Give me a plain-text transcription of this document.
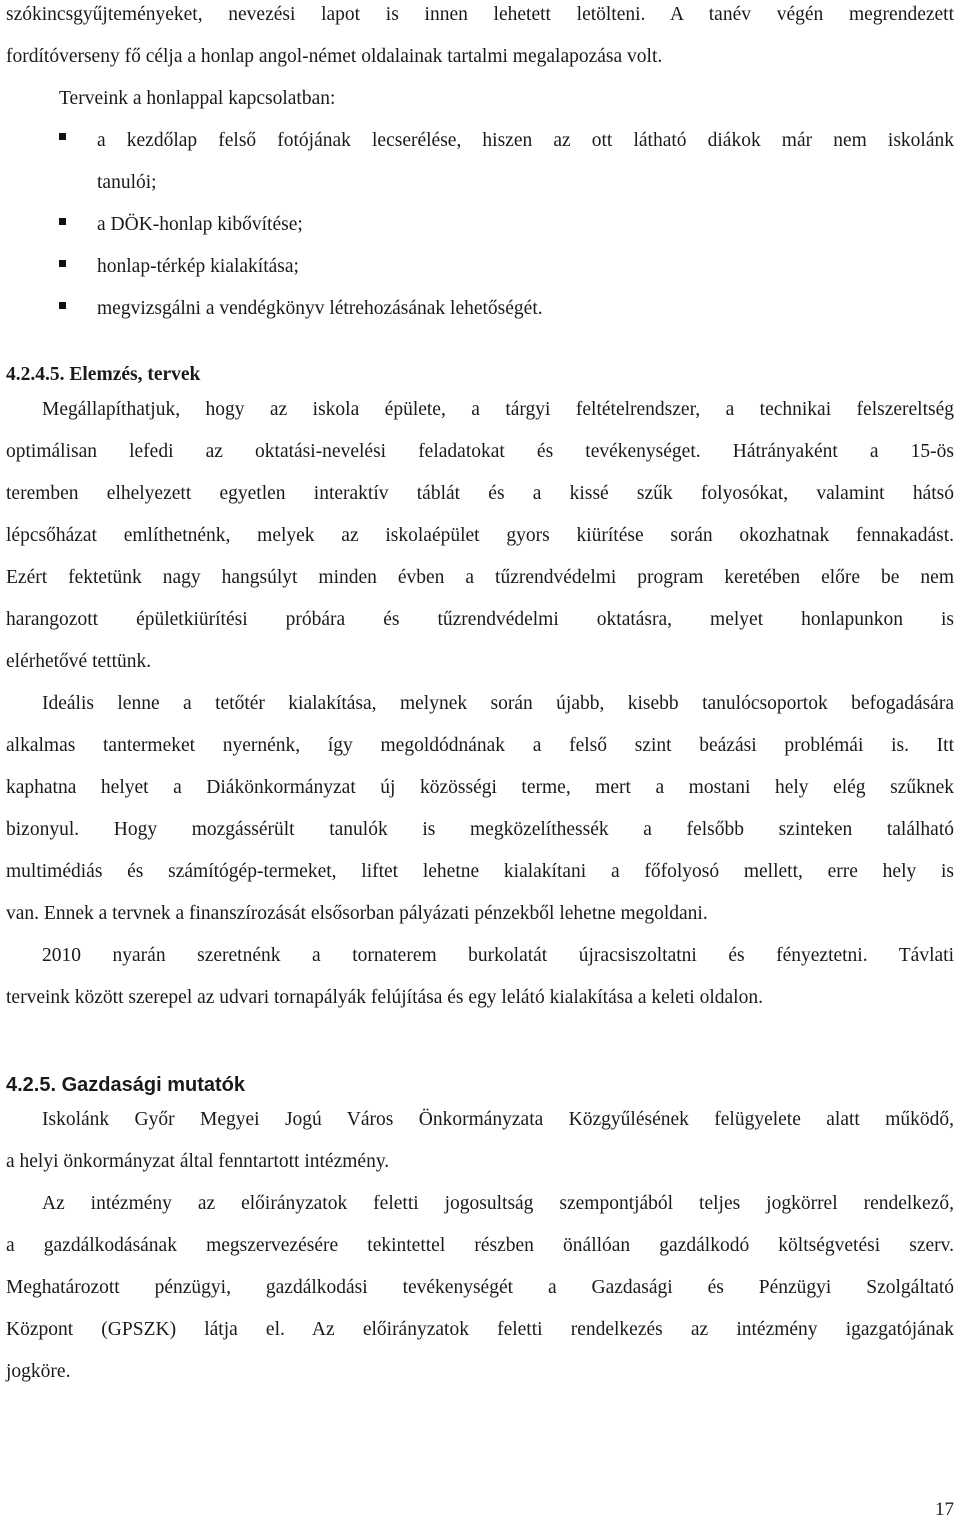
szókincsgyűjteményeket, nevezési lapot is innen lehetett letölteni. A tanév végén megrendezett
fordítóverseny fő célja a honlap angol-német oldalainak tartalmi megalapozása volt.
Terveink a honlappal kapcsolatban:
a kezdőlap felső fotójának lecserélése, hiszen az ott látható diákok már nem iskolánk
tanulói;
a DÖK-honlap kibővítése;
honlap-térkép kialakítása;
megvizsgálni a vendégkönyv létrehozásának lehetőségét.
4.2.4.5. Elemzés, tervek
Megállapíthatjuk, hogy az iskola épülete, a tárgyi feltételrendszer, a technikai felszereltség
optimálisan lefedi az oktatási-nevelési feladatokat és tevékenységet. Hátrányaként a 15-ös
teremben elhelyezett egyetlen interaktív táblát és a kissé szűk folyosókat, valamint hátsó
lépcsőházat említhetnénk, melyek az iskolaépület gyors kiürítése során okozhatnak fennakadást.
Ezért fektetünk nagy hangsúlyt minden évben a tűzrendvédelmi program keretében előre be nem
harangozott épületkiürítési próbára és tűzrendvédelmi oktatásra, melyet honlapunkon is
elérhetővé tettünk.
Ideális lenne a tetőtér kialakítása, melynek során újabb, kisebb tanulócsoportok befogadására
alkalmas tantermeket nyernénk, így megoldódnának a felső szint beázási problémái is. Itt
kaphatna helyet a Diákönkormányzat új közösségi terme, mert a mostani hely elég szűknek
bizonyul. Hogy mozgássérült tanulók is megközelíthessék a felsőbb szinteken található
multimédiás és számítógép-termeket, liftet lehetne kialakítani a főfolyosó mellett, erre hely is
van. Ennek a tervnek a finanszírozását elsősorban pályázati pénzekből lehetne megoldani.
2010 nyarán szeretnénk a tornaterem burkolatát újracsiszoltatni és fényeztetni. Távlati
terveink között szerepel az udvari tornapályák felújítása és egy lelátó kialakítása a keleti oldalon.
4.2.5. Gazdasági mutatók
Iskolánk Győr Megyei Jogú Város Önkormányzata Közgyűlésének felügyelete alatt működő,
a helyi önkormányzat által fenntartott intézmény.
Az intézmény az előirányzatok feletti jogosultság szempontjából teljes jogkörrel rendelkező,
a gazdálkodásának megszervezésére tekintettel részben önállóan gazdálkodó költségvetési szerv.
Meghatározott pénzügyi, gazdálkodási tevékenységét a Gazdasági és Pénzügyi Szolgáltató
Központ (GPSZK) látja el. Az előirányzatok feletti rendelkezés az intézmény igazgatójának
jogköre.
17
